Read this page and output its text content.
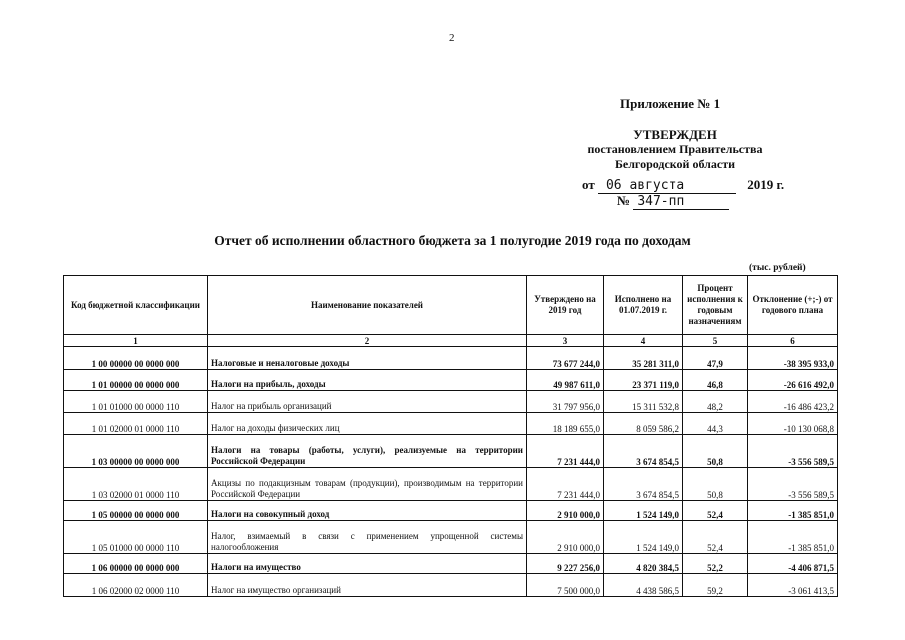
2
Приложение № 1
УТВЕРЖДЕН
постановлением Правительства
Белгородской области
от 06 августа	2019 г.
№ 347-пп
Отчет об исполнении областного бюджета за 1 полугодие 2019 года по доходам
(тыс. рублей)
Код бюджетной классификации	Наименование показателей	Утверждено на 2019 год	Исполнено на 01.07.2019 г.	Процент исполнения к годовым назначениям	Отклонение (+;-) от годового плана
1	2	3	4	5	6
1 00 00000 00 0000 000	Налоговые и неналоговые доходы	73 677 244,0	35 281 311,0	47,9	-38 395 933,0
1 01 00000 00 0000 000	Налоги на прибыль, доходы	49 987 611,0	23 371 119,0	46,8	-26 616 492,0
1 01 01000 00 0000 110	Налог на прибыль организаций	31 797 956,0	15 311 532,8	48,2	-16 486 423,2
1 01 02000 01 0000 110	Налог на доходы физических лиц	18 189 655,0	8 059 586,2	44,3	-10 130 068,8
1 03 00000 00 0000 000	Налоги на товары (работы, услуги), реализуемые на территории Российской Федерации	7 231 444,0	3 674 854,5	50,8	-3 556 589,5
1 03 02000 01 0000 110	Акцизы по подакцизным товарам (продукции), производимым на территории Российской Федерации	7 231 444,0	3 674 854,5	50,8	-3 556 589,5
1 05 00000 00 0000 000	Налоги на совокупный доход	2 910 000,0	1 524 149,0	52,4	-1 385 851,0
1 05 01000 00 0000 110	Налог, взимаемый в связи с применением упрощенной системы налогообложения	2 910 000,0	1 524 149,0	52,4	-1 385 851,0
1 06 00000 00 0000 000	Налоги на имущество	9 227 256,0	4 820 384,5	52,2	-4 406 871,5
1 06 02000 02 0000 110	Налог на имущество организаций	7 500 000,0	4 438 586,5	59,2	-3 061 413,5
